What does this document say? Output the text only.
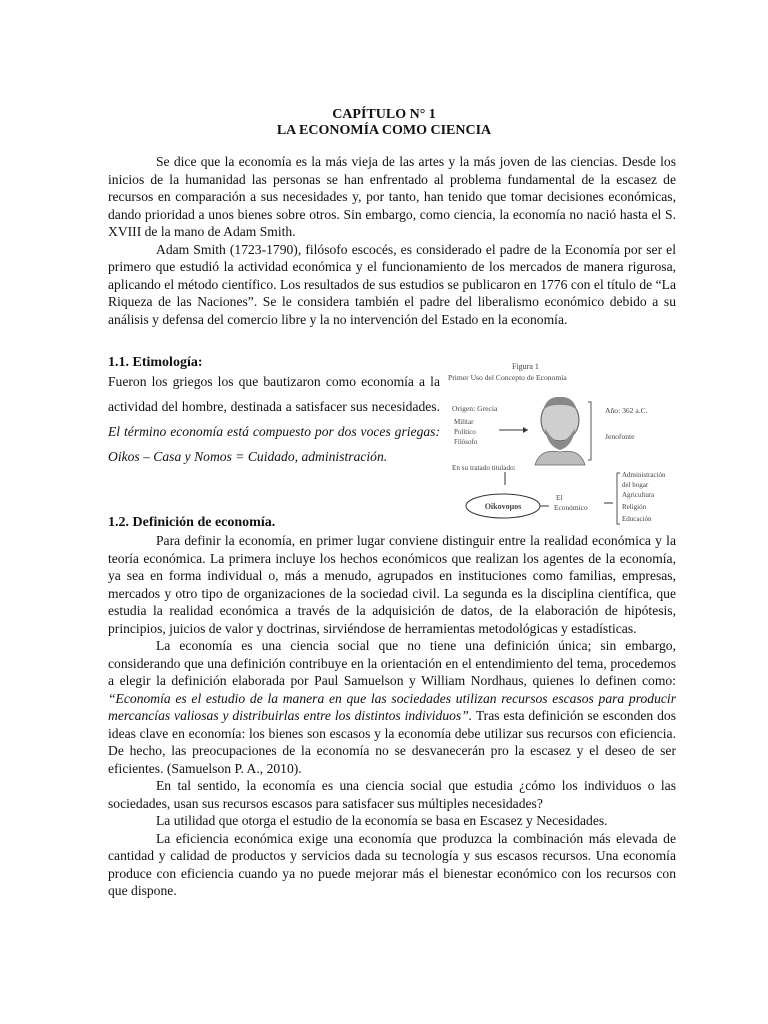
CAPÍTULO N° 1
LA ECONOMÍA COMO CIENCIA

Se dice que la economía es la más vieja de las artes y la más joven de las ciencias. Desde los inicios de la humanidad las personas se han enfrentado al problema fundamental de la escasez de recursos en comparación a sus necesidades y, por tanto, han tenido que tomar decisiones económicas, dando prioridad a unos bienes sobre otros. Sin embargo, como ciencia, la economía no nació hasta el S. XVIII de la mano de Adam Smith.

Adam Smith (1723-1790), filósofo escocés, es considerado el padre de la Economía por ser el primero que estudió la actividad económica y el funcionamiento de los mercados de manera rigurosa, aplicando el método científico. Los resultados de sus estudios se publicaron en 1776 con el título de “La Riqueza de las Naciones”. Se le considera también el padre del liberalismo económico debido a su análisis y defensa del comercio libre y la no intervención del Estado en la economía.

1.1. Etimología:
Fueron los griegos los que bautizaron como economía a la actividad del hombre, destinada a satisfacer sus necesidades. El término economía está compuesto por dos voces griegas: Oikos – Casa y Nomos = Cuidado, administración.
Figura 1
Primer Uso del Concepto de Economía
Origen: Grecia
Militar
Político
Filósofo
Año: 362 a.C.
Jenofonte
En su tratado titulado:
Oikovoµos
El
Económico
Administración
del hogar
Agricultura
Religión
Educación
1.2. Definición de economía.

Para definir la economía, en primer lugar conviene distinguir entre la realidad económica y la teoría económica. La primera incluye los hechos económicos que realizan los agentes de la economía, ya sea en forma individual o, más a menudo, agrupados en instituciones como familias, empresas, mercados y otro tipo de organizaciones de la sociedad civil. La segunda es la disciplina científica, que estudia la realidad económica a través de la adquisición de datos, de la elaboración de hipótesis, principios, juicios de valor y doctrinas, sirviéndose de herramientas metodológicas y estadísticas.

La economía es una ciencia social que no tiene una definición única; sin embargo, considerando que una definición contribuye en la orientación en el entendimiento del tema, procedemos a elegir la definición elaborada por Paul Samuelson y William Nordhaus, quienes lo definen como: “Economía es el estudio de la manera en que las sociedades utilizan recursos escasos para producir mercancías valiosas y distribuirlas entre los distintos individuos”. Tras esta definición se esconden dos ideas clave en economía: los bienes son escasos y la economía debe utilizar sus recursos con eficiencia. De hecho, las preocupaciones de la economía no se desvanecerán pro la escasez y el deseo de ser eficientes. (Samuelson P. A., 2010).

En tal sentido, la economía es una ciencia social que estudia ¿cómo los individuos o las sociedades, usan sus recursos escasos para satisfacer sus múltiples necesidades?

La utilidad que otorga el estudio de la economía se basa en Escasez y Necesidades.

La eficiencia económica exige una economía que produzca la combinación más elevada de cantidad y calidad de productos y servicios dada su tecnología y sus escasos recursos. Una economía produce con eficiencia cuando ya no puede mejorar más el bienestar económico con los recursos con que dispone.
